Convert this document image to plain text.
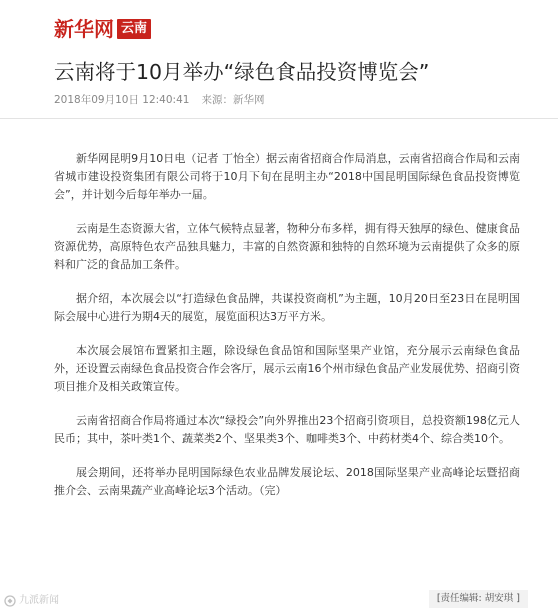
新华网 云南
云南将于10月举办“绿色食品投资博览会”
2018年09月10日 12:40:41 来源：新华网

新华网昆明9月10日电（记者 丁怡全）据云南省招商合作局消息，云南省招商合作局和云南省城市建设投资集团有限公司将于10月下旬在昆明主办“2018中国昆明国际绿色食品投资博览会”，并计划今后每年举办一届。

云南是生态资源大省，立体气候特点显著，物种分布多样，拥有得天独厚的绿色、健康食品资源优势，高原特色农产品独具魅力，丰富的自然资源和独特的自然环境为云南提供了众多的原料和广泛的食品加工条件。

据介绍，本次展会以“打造绿色食品牌，共谋投资商机”为主题，10月20日至23日在昆明国际会展中心进行为期4天的展览，展览面积达3万平方米。

本次展会展馆布置紧扣主题，除设绿色食品馆和国际坚果产业馆，充分展示云南绿色食品外，还设置云南绿色食品投资合作会客厅，展示云南16个州市绿色食品产业发展优势、招商引资项目推介及相关政策宣传。

云南省招商合作局将通过本次“绿投会”向外界推出23个招商引资项目，总投资额198亿元人民币；其中，茶叶类1个、蔬菜类2个、坚果类3个、咖啡类3个、中药材类4个、综合类10个。

展会期间，还将举办昆明国际绿色农业品牌发展论坛、2018国际坚果产业高峰论坛暨招商推介会、云南果蔬产业高峰论坛3个活动。（完）

[责任编辑: 胡安琪 ]
九派新闻
